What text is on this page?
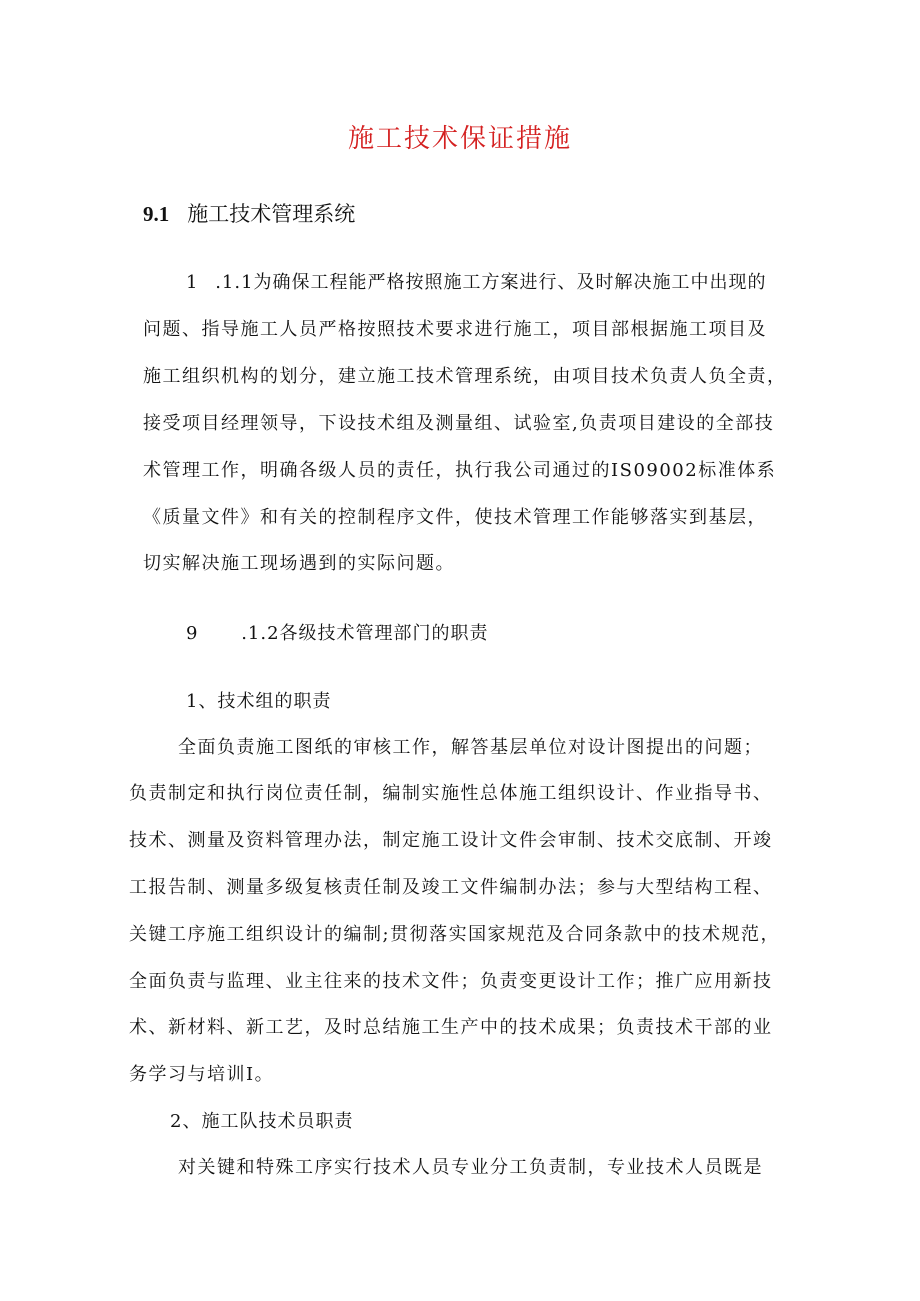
施工技术保证措施
9.1 施工技术管理系统
1 .1.1为确保工程能严格按照施工方案进行、及时解决施工中出现的
问题、指导施工人员严格按照技术要求进行施工，项目部根据施工项目及
施工组织机构的划分，建立施工技术管理系统，由项目技术负责人负全责，
接受项目经理领导，下设技术组及测量组、试验室,负责项目建设的全部技
术管理工作，明确各级人员的责任，执行我公司通过的IS09002标准体系
《质量文件》和有关的控制程序文件，使技术管理工作能够落实到基层，
切实解决施工现场遇到的实际问题。
9 .1.2各级技术管理部门的职责
1、技术组的职责
全面负责施工图纸的审核工作，解答基层单位对设计图提出的问题；
负责制定和执行岗位责任制，编制实施性总体施工组织设计、作业指导书、
技术、测量及资料管理办法，制定施工设计文件会审制、技术交底制、开竣
工报告制、测量多级复核责任制及竣工文件编制办法；参与大型结构工程、
关键工序施工组织设计的编制;贯彻落实国家规范及合同条款中的技术规范，
全面负责与监理、业主往来的技术文件；负责变更设计工作；推广应用新技
术、新材料、新工艺，及时总结施工生产中的技术成果；负责技术干部的业
务学习与培训I。
2、施工队技术员职责
对关键和特殊工序实行技术人员专业分工负责制，专业技术人员既是
